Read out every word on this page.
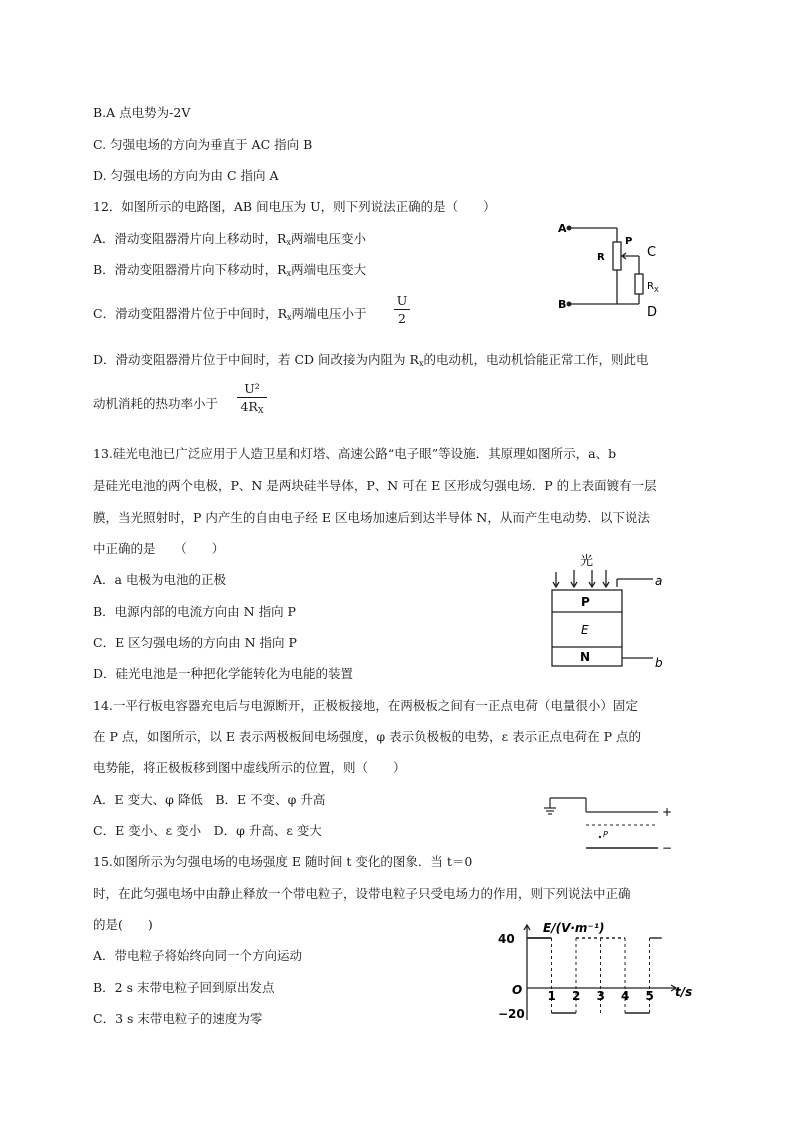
B.A 点电势为-2V
C. 匀强电场的方向为垂直于 AC 指向 B
D. 匀强电场的方向为由 C 指向 A
12．如图所示的电路图，AB 间电压为 U，则下列说法正确的是（　　）
A．滑动变阻器滑片向上移动时，$R_x$两端电压变小
B．滑动变阻器滑片向下移动时，$R_x$两端电压变大
C．滑动变阻器滑片位于中间时，$R_x$两端电压小于
U
2
D．滑动变阻器滑片位于中间时，若 CD 间改接为内阻为 $R_x$的电动机，电动机恰能正常工作，则此电
动机消耗的热功率小于
U²
$4R_X$
A
B
R
P
C
D
$R_X$
13.硅光电池已广泛应用于人造卫星和灯塔、高速公路“电子眼”等设施．其原理如图所示，a、b
是硅光电池的两个电极，P、N 是两块硅半导体，P、N 可在 E 区形成匀强电场．P 的上表面镀有一层
膜，当光照射时，P 内产生的自由电子经 E 区电场加速后到达半导体 N，从而产生电动势．以下说法
中正确的是　　（　　）
A．a 电极为电池的正极
B．电源内部的电流方向由 N 指向 P
C．E 区匀强电场的方向由 N 指向 P
D．硅光电池是一种把化学能转化为电能的装置
光
a
b
P
E
N
14.一平行板电容器充电后与电源断开，正极板接地，在两极板之间有一正点电荷（电量很小）固定
在 P 点，如图所示，以 E 表示两极板间电场强度，φ 表示负极板的电势，ε 表示正点电荷在 P 点的
电势能，将正极板移到图中虚线所示的位置，则（　　）
A．E 变大、φ 降低　B．E 不变、φ 升高
C．E 变小、ε 变小　D．φ 升高、ε 变大
+
−
P
15.如图所示为匀强电场的电场强度 E 随时间 t 变化的图象．当 t＝0
时，在此匀强电场中由静止释放一个带电粒子，设带电粒子只受电场力的作用，则下列说法中正确
的是(　　)
A．带电粒子将始终向同一个方向运动
B．2 s 末带电粒子回到原出发点
C．3 s 末带电粒子的速度为零
E/(V·m⁻¹)
t/s
O 1 2 3 4 5
40
−20
